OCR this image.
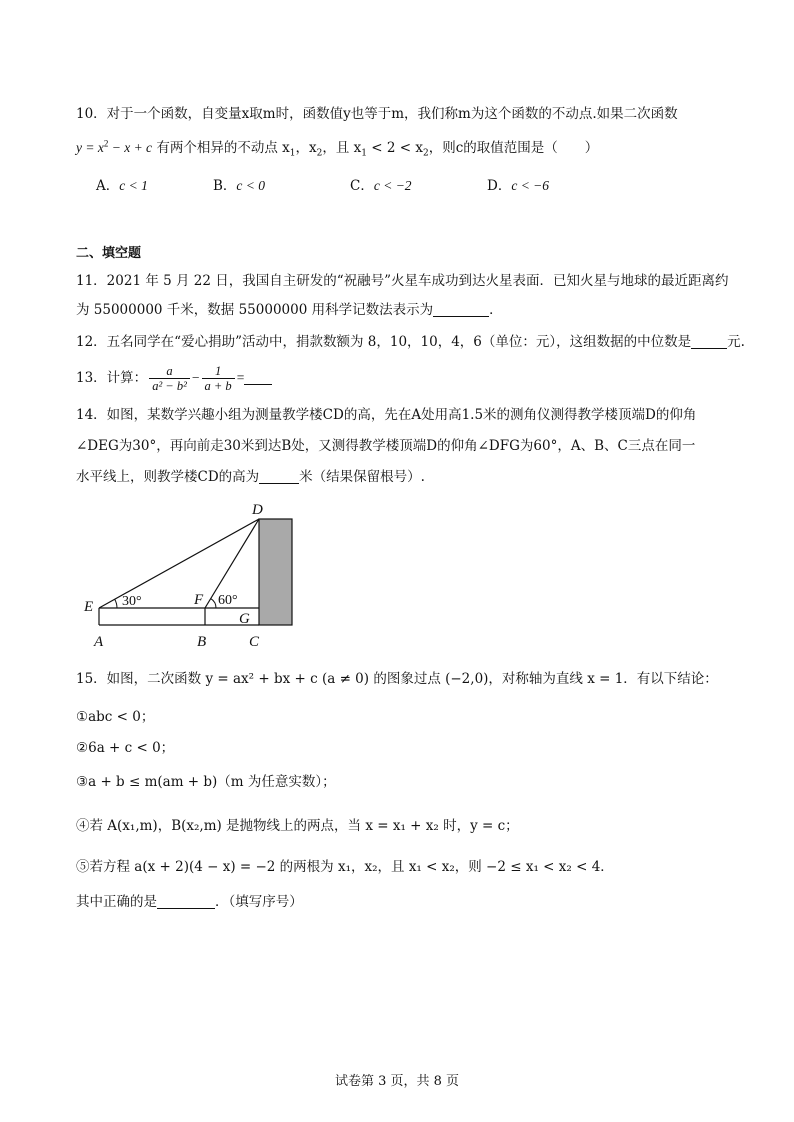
10．对于一个函数，自变量x取m时，函数值y也等于m，我们称m为这个函数的不动点.如果二次函数
$y = x^2 - x + c$ 有两个相异的不动点 $x_1$，$x_2$，且 $x_1 < 2 < x_2$，则c的取值范围是（　　）
A．c < 1	B．c < 0	C．c < −2	D．c < −6
二、填空题
11．2021 年 5 月 22 日，我国自主研发的“祝融号”火星车成功到达火星表面．已知火星与地球的最近距离约
为 55000000 千米，数据 55000000 用科学记数法表示为	．
12．五名同学在“爱心捐助”活动中，捐款数额为 8，10，10，4，6（单位：元），这组数据的中位数是	元.
13．计算： $\frac{a}{\text{a² − b²}} - \frac{1}{a + b}$ =
14．如图，某数学兴趣小组为测量教学楼CD的高，先在A处用高1.5米的测角仪测得教学楼顶端D的仰角
∠DEG为30°，再向前走30米到达B处，又测得教学楼顶端D的仰角∠DFG为60°，A、B、C三点在同一
水平线上，则教学楼CD的高为	米（结果保留根号）.
D
E	F
G
A	B	C
30°	60°
15．如图，二次函数 y = ax² + bx + c (a ≠ 0) 的图象过点 (−2,0)，对称轴为直线 x = 1．有以下结论：
①abc < 0；
②6a + c < 0；
③a + b ≤ m(am + b)（m 为任意实数）；
④若 A(x₁,m)，B(x₂,m) 是抛物线上的两点，当 x = x₁ + x₂ 时，y = c；
⑤若方程 a(x + 2)(4 − x) = −2 的两根为 x₁，x₂，且 x₁ < x₂，则 −2 ≤ x₁ < x₂ < 4．
其中正确的是	．（填写序号）
试卷第 3 页，共 8 页
